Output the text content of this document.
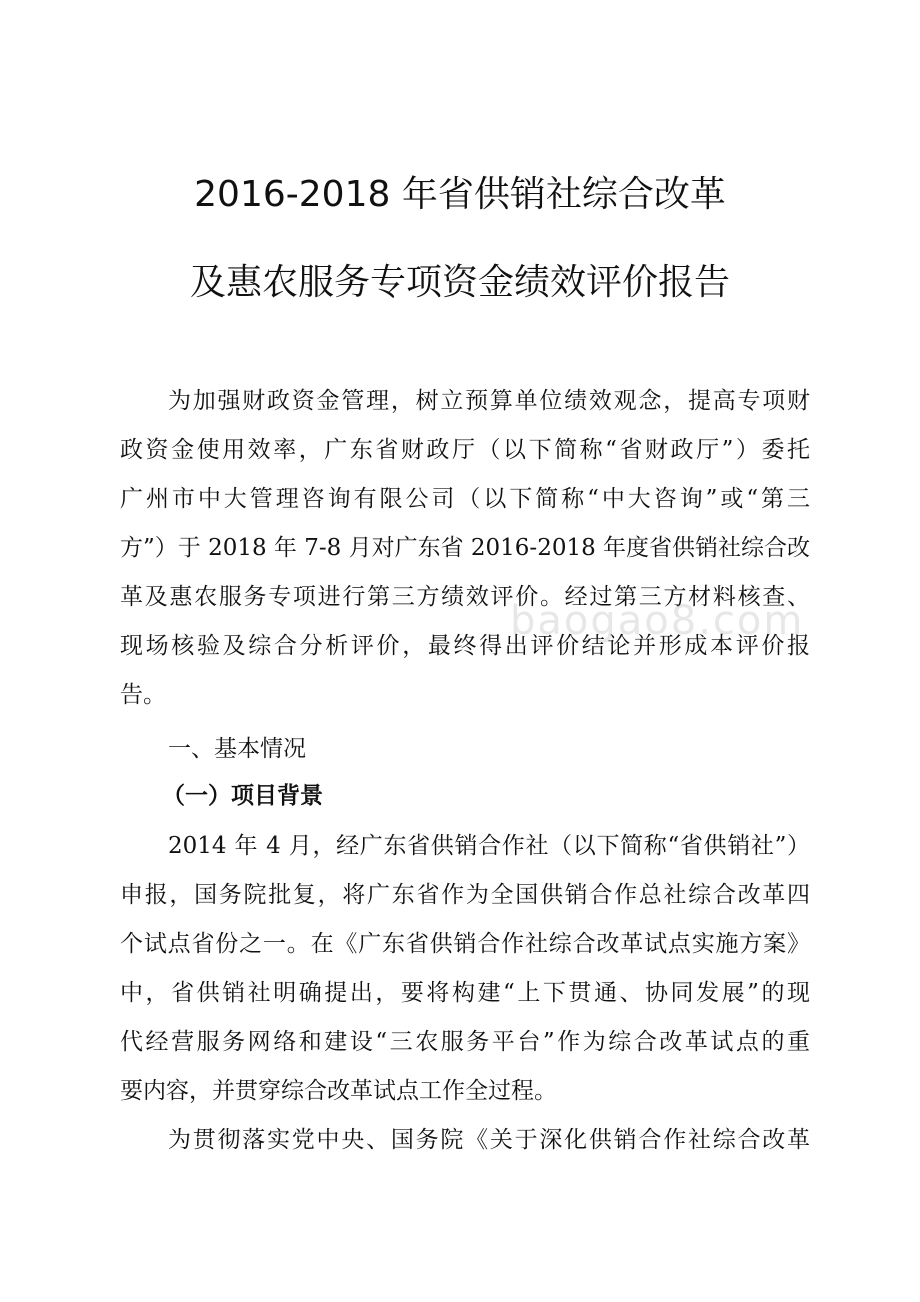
2016-2018 年省供销社综合改革
及惠农服务专项资金绩效评价报告
为加强财政资金管理，树立预算单位绩效观念，提高专项财
政资金使用效率，广东省财政厅（以下简称“省财政厅”）委托
广州市中大管理咨询有限公司（以下简称“中大咨询”或“第三
方”）于 2018 年 7-8 月对广东省 2016-2018 年度省供销社综合改
革及惠农服务专项进行第三方绩效评价。经过第三方材料核查、
现场核验及综合分析评价，最终得出评价结论并形成本评价报
告。
baogao8.com
一、基本情况
（一）项目背景
2014 年 4 月，经广东省供销合作社（以下简称“省供销社”）
申报，国务院批复，将广东省作为全国供销合作总社综合改革四
个试点省份之一。在《广东省供销合作社综合改革试点实施方案》
中，省供销社明确提出，要将构建“上下贯通、协同发展”的现
代经营服务网络和建设“三农服务平台”作为综合改革试点的重
要内容，并贯穿综合改革试点工作全过程。
为贯彻落实党中央、国务院《关于深化供销合作社综合改革
